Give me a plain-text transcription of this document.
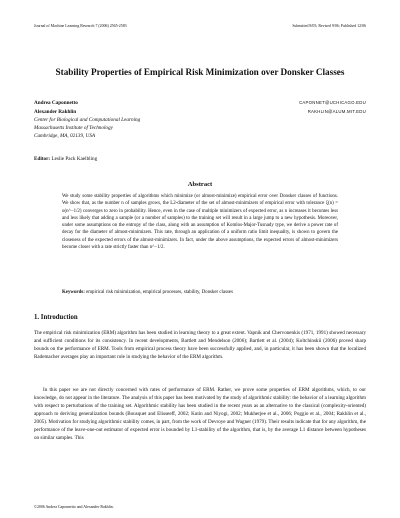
Journal of Machine Learning Research 7 (2006) 2565-2583	Submitted 8/05; Revised 9/06; Published 12/06
Stability Properties of Empirical Risk Minimization over Donsker Classes
Andrea Caponnetto	CAPONNET@UCHICAGO.EDU
Alexander Rakhlin	RAKHLIN@ALUM.MIT.EDU
Center for Biological and Computational Learning
Massachusetts Institute of Technology
Cambridge, MA, 02139, USA
Editor: Leslie Pack Kaelbling
Abstract
We study some stability properties of algorithms which minimize (or almost-minimize) empirical error over Donsker classes of functions. We show that, as the number n of samples grows, the L2-diameter of the set of almost-minimizers of empirical error with tolerance ξ(n) = o(n^−1/2) converges to zero in probability. Hence, even in the case of multiple minimizers of expected error, as n increases it becomes less and less likely that adding a sample (or a number of samples) to the training set will result in a large jump to a new hypothesis. Moreover, under some assumptions on the entropy of the class, along with an assumption of Komlos-Major-Tusnady type, we derive a power rate of decay for the diameter of almost-minimizers. This rate, through an application of a uniform ratio limit inequality, is shown to govern the closeness of the expected errors of the almost-minimizers. In fact, under the above assumptions, the expected errors of almost-minimizers become closer with a rate strictly faster than n^−1/2.
Keywords: empirical risk minimization, empirical processes, stability, Donsker classes
1. Introduction
The empirical risk minimization (ERM) algorithm has been studied in learning theory to a great extent. Vapnik and Chervonenkis (1971, 1991) showed necessary and sufficient conditions for its consistency. In recent developments, Bartlett and Mendelson (2006); Bartlett et al. (2004); Koltchinskii (2006) proved sharp bounds on the performance of ERM. Tools from empirical process theory have been successfully applied, and, in particular, it has been shown that the localized Rademacher averages play an important role in studying the behavior of the ERM algorithm.
In this paper we are not directly concerned with rates of performance of ERM. Rather, we prove some properties of ERM algorithms, which, to our knowledge, do not appear in the literature. The analysis of this paper has been motivated by the study of algorithmic stability: the behavior of a learning algorithm with respect to perturbations of the training set. Algorithmic stability has been studied in the recent years as an alternative to the classical (complexity-oriented) approach to deriving generalization bounds (Bousquet and Elisseeff, 2002; Kutin and Niyogi, 2002; Mukherjee et al., 2006; Poggio et al., 2004; Rakhlin et al., 2005). Motivation for studying algorithmic stability comes, in part, from the work of Devroye and Wagner (1979). Their results indicate that for any algorithm, the performance of the leave-one-out estimator of expected error is bounded by L1-stability of the algorithm, that is, by the average L1 distance between hypotheses on similar samples. This
©2006 Andrea Caponnetto and Alexander Rakhlin.
